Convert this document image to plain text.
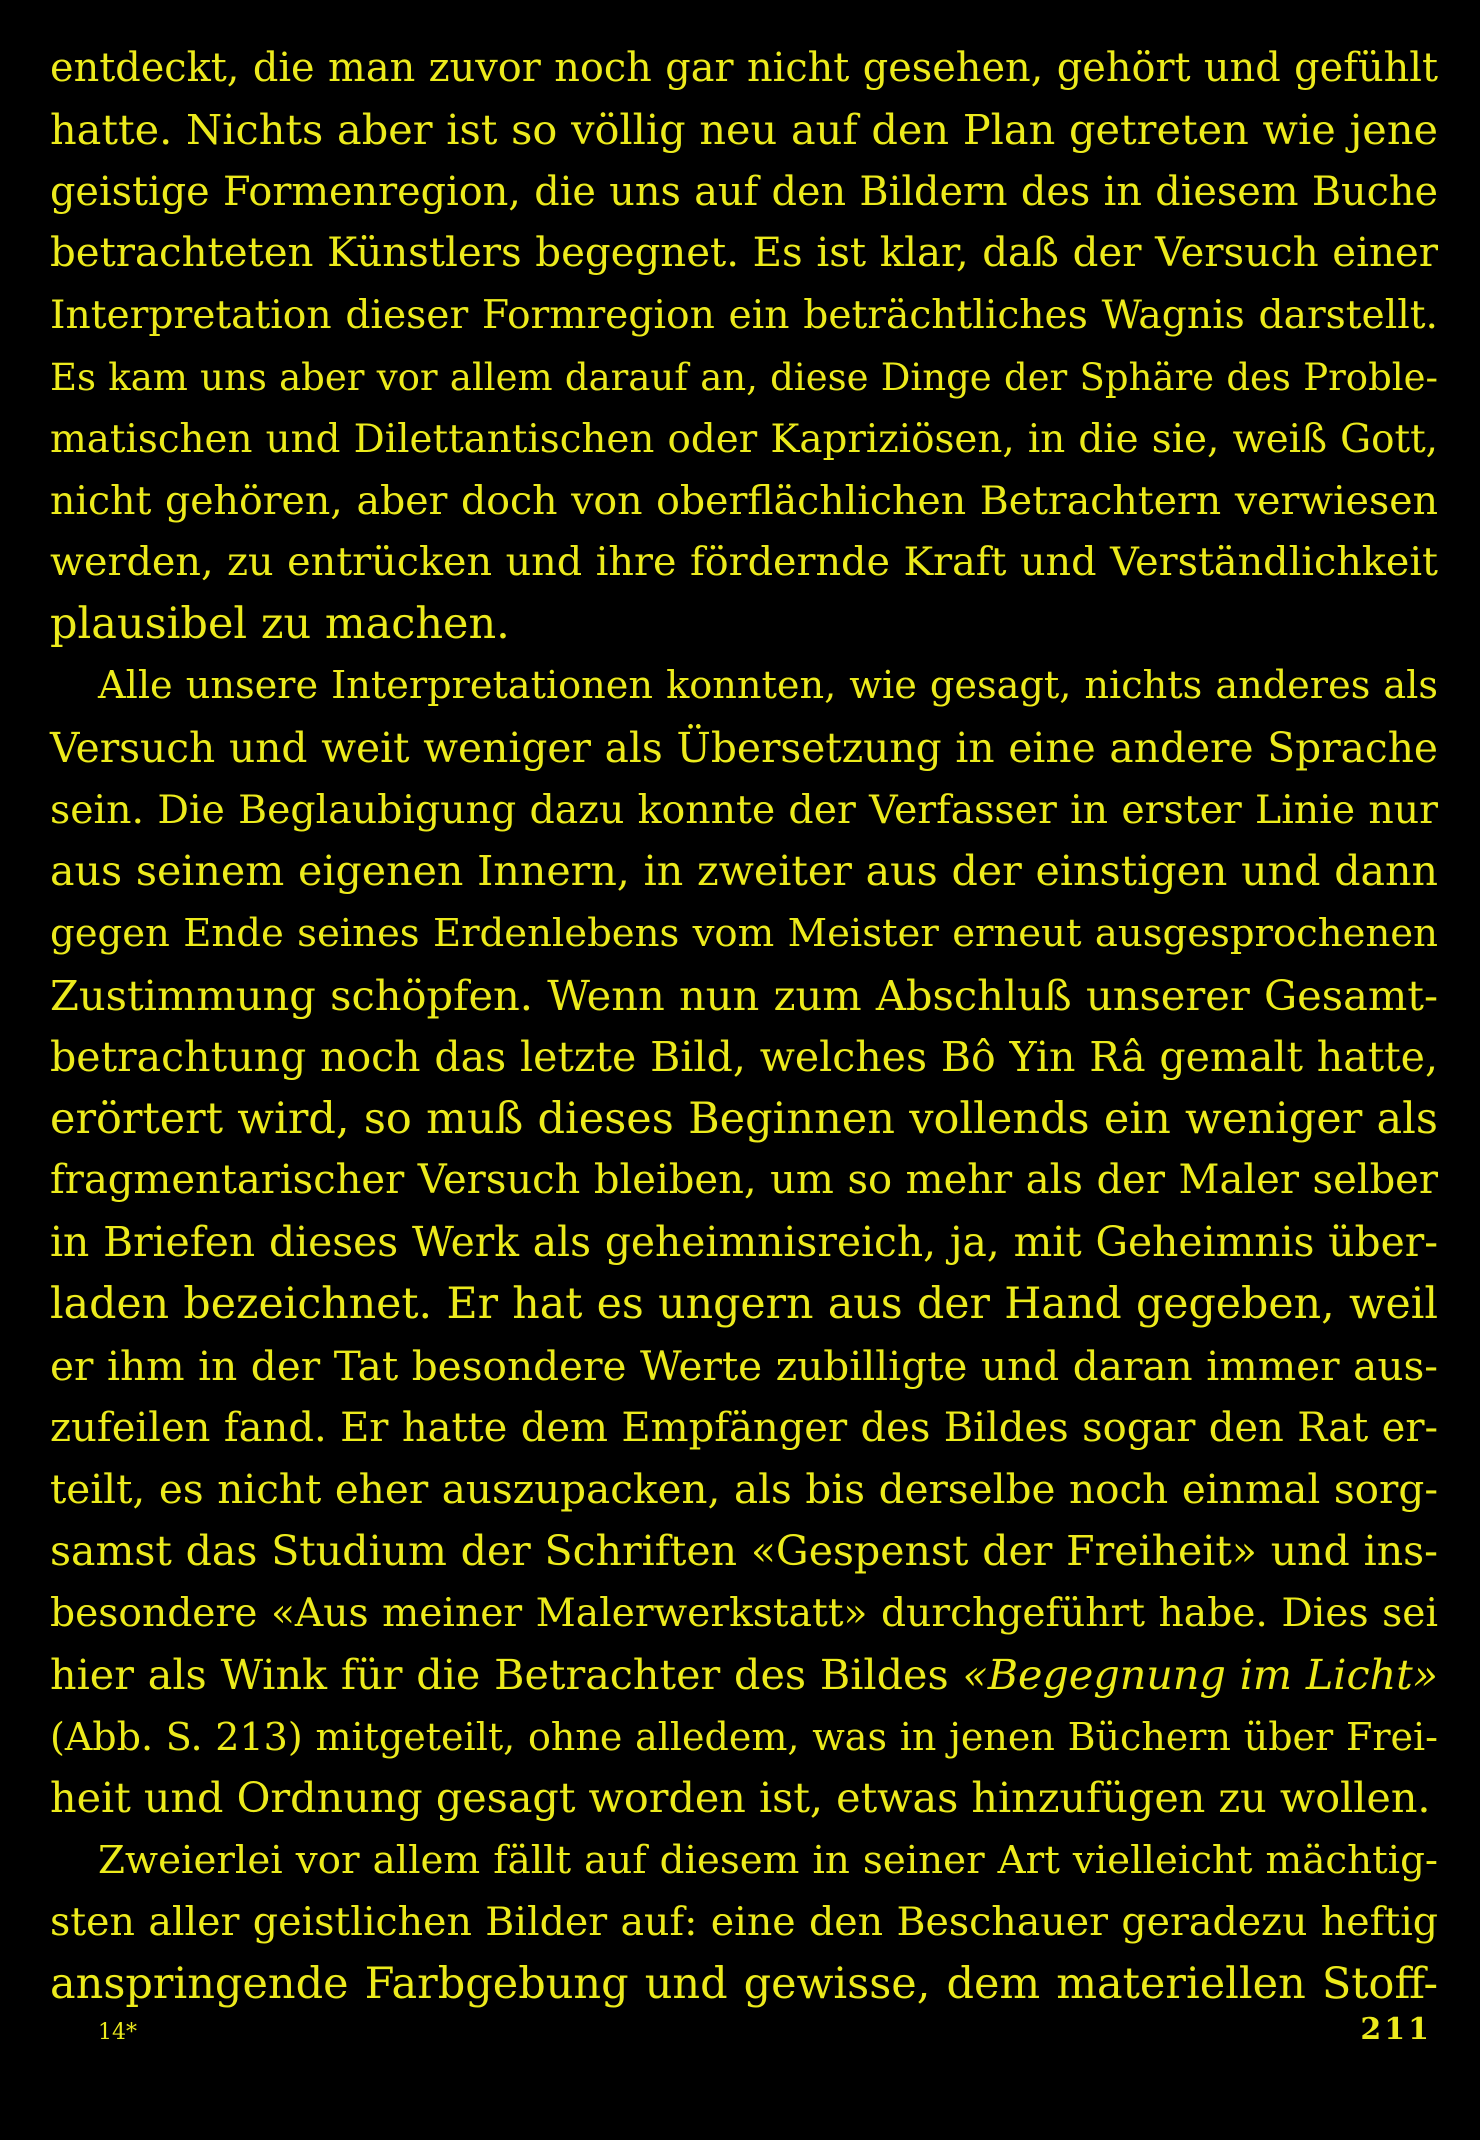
entdeckt, die man zuvor noch gar nicht gesehen, gehört und gefühlt
hatte. Nichts aber ist so völlig neu auf den Plan getreten wie jene
geistige Formenregion, die uns auf den Bildern des in diesem Buche
betrachteten Künstlers begegnet. Es ist klar, daß der Versuch einer
Interpretation dieser Formregion ein beträchtliches Wagnis darstellt.
Es kam uns aber vor allem darauf an, diese Dinge der Sphäre des Proble-
matischen und Dilettantischen oder Kapriziösen, in die sie, weiß Gott,
nicht gehören, aber doch von oberflächlichen Betrachtern verwiesen
werden, zu entrücken und ihre fördernde Kraft und Verständlichkeit
plausibel zu machen.
Alle unsere Interpretationen konnten, wie gesagt, nichts anderes als
Versuch und weit weniger als Übersetzung in eine andere Sprache
sein. Die Beglaubigung dazu konnte der Verfasser in erster Linie nur
aus seinem eigenen Innern, in zweiter aus der einstigen und dann
gegen Ende seines Erdenlebens vom Meister erneut ausgesprochenen
Zustimmung schöpfen. Wenn nun zum Abschluß unserer Gesamt-
betrachtung noch das letzte Bild, welches Bô Yin Râ gemalt hatte,
erörtert wird, so muß dieses Beginnen vollends ein weniger als
fragmentarischer Versuch bleiben, um so mehr als der Maler selber
in Briefen dieses Werk als geheimnisreich, ja, mit Geheimnis über-
laden bezeichnet. Er hat es ungern aus der Hand gegeben, weil
er ihm in der Tat besondere Werte zubilligte und daran immer aus-
zufeilen fand. Er hatte dem Empfänger des Bildes sogar den Rat er-
teilt, es nicht eher auszupacken, als bis derselbe noch einmal sorg-
samst das Studium der Schriften «Gespenst der Freiheit» und ins-
besondere «Aus meiner Malerwerkstatt» durchgeführt habe. Dies sei
hier als Wink für die Betrachter des Bildes «Begegnung im Licht»
(Abb. S. 213) mitgeteilt, ohne alledem, was in jenen Büchern über Frei-
heit und Ordnung gesagt worden ist, etwas hinzufügen zu wollen.
Zweierlei vor allem fällt auf diesem in seiner Art vielleicht mächtig-
sten aller geistlichen Bilder auf: eine den Beschauer geradezu heftig
anspringende Farbgebung und gewisse, dem materiellen Stoff-
14*	211
